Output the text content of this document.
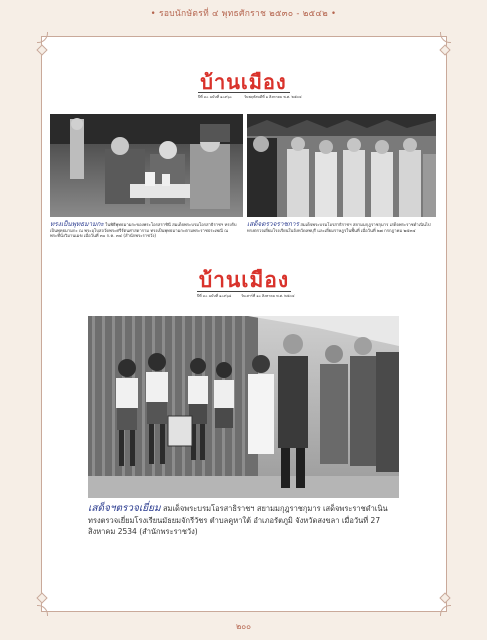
• รอบนักษัตรที่ ๔ พุทธศักราช ๒๕๓๐ - ๒๕๔๒ •
บ้านเมือง
ปีที่ ๓๐ ฉบับที่ ๑๐๙๖๐	วันพฤหัสบดีที่ ๑ สิงหาคม พ.ศ. ๒๕๓๔
ทรงเป็นพุทธมามกะ ในพิธีพุทธมามกะของพระโอรสราชินี สมเด็จพระบรมโอรสาธิราชฯ ทรงรับเป็นพุทธมามกะ ณ พระอุโบสถวัดพระศรีรัตนศาสดาราม ทรงเป็นพุทธมามกะตามพระราชประเพณี ณ พระที่นั่งวิมานเมฆ เมื่อวันที่ ๓๐ ก.ค. ๓๔ (สำนักพระราชวัง)
เสด็จตรวจราชการ สมเด็จพระบรมโอรสาธิราชฯ สยามมกุฎราชกุมาร เสด็จพระราชดำเนินไปทรงตรวจเยี่ยมโรงเรียนในจังหวัดลพบุรี และเยี่ยมราษฎรในพื้นที่ เมื่อวันที่ ๒๗ กรกฎาคม ๒๕๓๔
บ้านเมือง
ปีที่ ๓๐ ฉบับที่ ๑๐๙๖๘	วันเสาร์ที่ ๑๐ สิงหาคม พ.ศ. ๒๕๓๔
เสด็จฯตรวจเยี่ยม สมเด็จพระบรมโอรสาธิราชฯ สยามมกุฎราชกุมาร เสด็จพระราชดำเนินทรงตรวจเยี่ยมโรงเรียนมัธยมจักรีวัชร ตำบลคูหาใต้ อำเภอรัตภูมิ จังหวัดสงขลา เมื่อวันที่ 27 สิงหาคม 2534 (สำนักพระราชวัง)
๒๐๐
